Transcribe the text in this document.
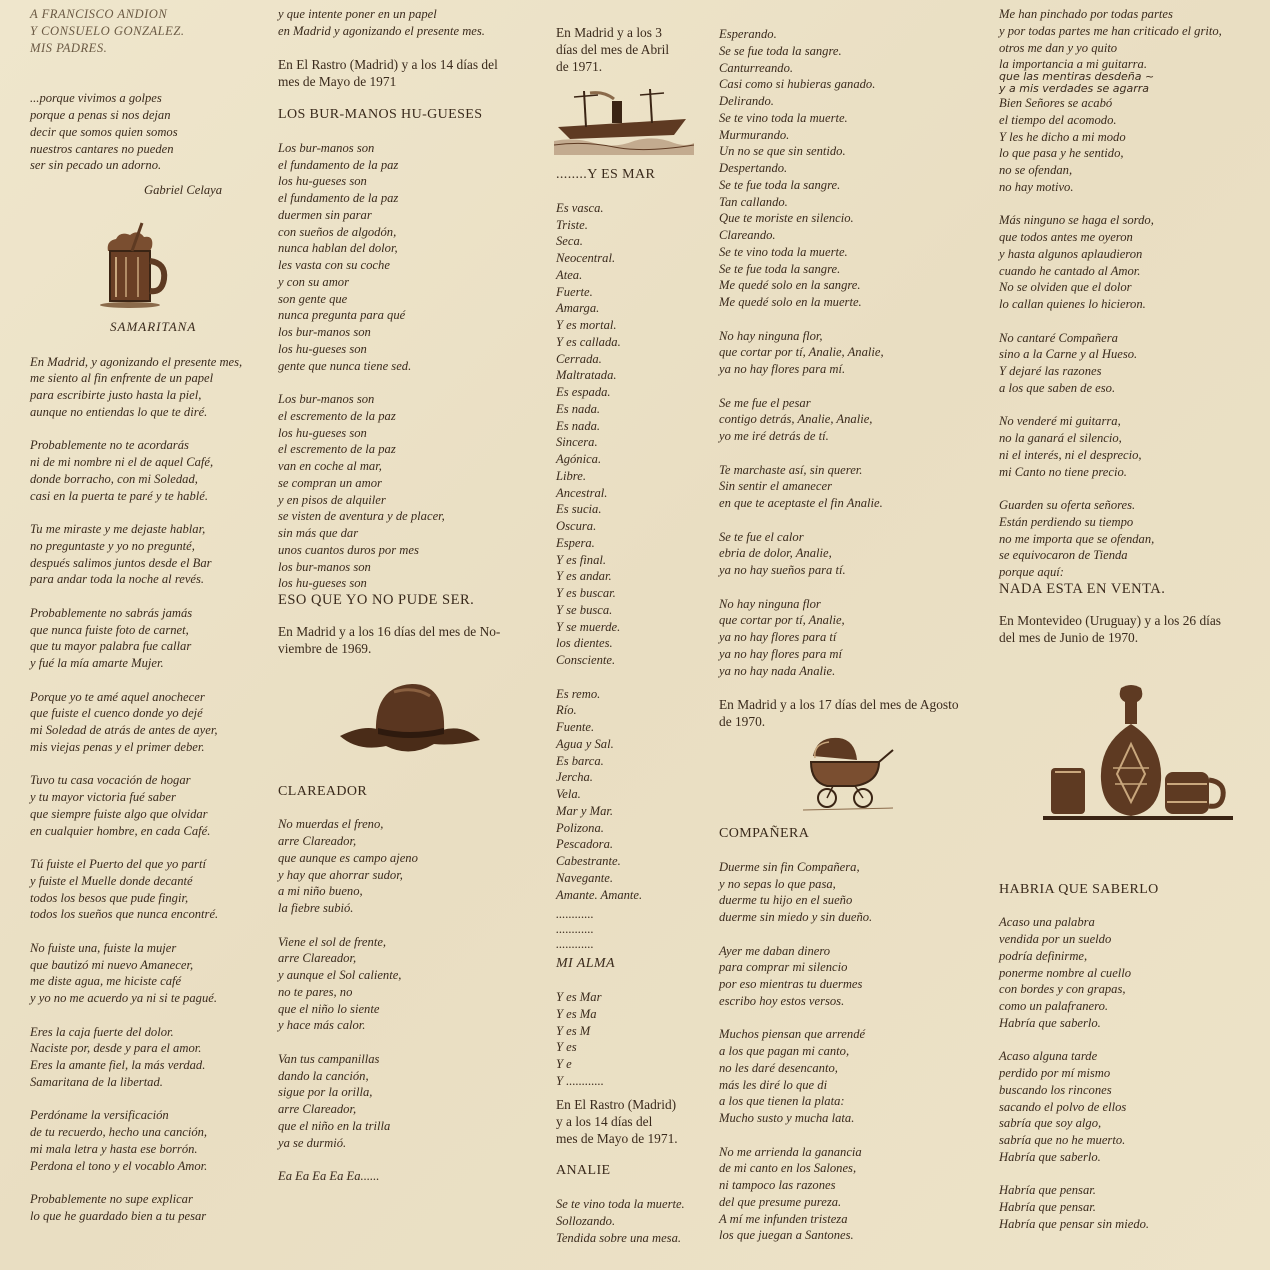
A FRANCISCO ANDION
Y CONSUELO GONZALEZ.
MIS PADRES.
...porque vivimos a golpes
porque a penas si nos dejan
decir que somos quien somos
nuestros cantares no pueden
ser sin pecado un adorno.
Gabriel Celaya
SAMARITANA
En Madrid, y agonizando el presente mes,
me siento al fin enfrente de un papel
para escribirte justo hasta la piel,
aunque no entiendas lo que te diré.
Probablemente no te acordarás
ni de mi nombre ni el de aquel Café,
donde borracho, con mi Soledad,
casi en la puerta te paré y te hablé.
Tu me miraste y me dejaste hablar,
no preguntaste y yo no pregunté,
después salimos juntos desde el Bar
para andar toda la noche al revés.
Probablemente no sabrás jamás
que nunca fuiste foto de carnet,
que tu mayor palabra fue callar
y fué la mía amarte Mujer.
Porque yo te amé aquel anochecer
que fuiste el cuenco donde yo dejé
mi Soledad de atrás de antes de ayer,
mis viejas penas y el primer deber.
Tuvo tu casa vocación de hogar
y tu mayor victoria fué saber
que siempre fuiste algo que olvidar
en cualquier hombre, en cada Café.
Tú fuiste el Puerto del que yo partí
y fuiste el Muelle donde decanté
todos los besos que pude fingir,
todos los sueños que nunca encontré.
No fuiste una, fuiste la mujer
que bautizó mi nuevo Amanecer,
me diste agua, me hiciste café
y yo no me acuerdo ya ni si te pagué.
Eres la caja fuerte del dolor.
Naciste por, desde y para el amor.
Eres la amante fiel, la más verdad.
Samaritana de la libertad.
Perdóname la versificación
de tu recuerdo, hecho una canción,
mi mala letra y hasta ese borrón.
Perdona el tono y el vocablo Amor.
Probablemente no supe explicar
lo que he guardado bien a tu pesar
y que intente poner en un papel
en Madrid y agonizando el presente mes.
En El Rastro (Madrid) y a los 14 días del
mes de Mayo de 1971
LOS BUR-MANOS HU-GUESES
Los bur-manos son
el fundamento de la paz
los hu-gueses son
el fundamento de la paz
duermen sin parar
con sueños de algodón,
nunca hablan del dolor,
les vasta con su coche
y con su amor
son gente que
nunca pregunta para qué
los bur-manos son
los hu-gueses son
gente que nunca tiene sed.
Los bur-manos son
el escremento de la paz
los hu-gueses son
el escremento de la paz
van en coche al mar,
se compran un amor
y en pisos de alquiler
se visten de aventura y de placer,
sin más que dar
unos cuantos duros por mes
los bur-manos son
los hu-gueses son
ESO QUE YO NO PUDE SER.
En Madrid y a los 16 días del mes de No-
viembre de 1969.
CLAREADOR
No muerdas el freno,
arre Clareador,
que aunque es campo ajeno
y hay que ahorrar sudor,
a mi niño bueno,
la fiebre subió.
Viene el sol de frente,
arre Clareador,
y aunque el Sol caliente,
no te pares, no
que el niño lo siente
y hace más calor.
Van tus campanillas
dando la canción,
sigue por la orilla,
arre Clareador,
que el niño en la trilla
ya se durmió.
Ea Ea Ea Ea Ea......
En Madrid y a los 3
días del mes de Abril
de 1971.
........Y ES MAR
Es vasca.
Triste.
Seca.
Neocentral.
Atea.
Fuerte.
Amarga.
Y es mortal.
Y es callada.
Cerrada.
Maltratada.
Es espada.
Es nada.
Es nada.
Sincera.
Agónica.
Libre.
Ancestral.
Es sucia.
Oscura.
Espera.
Y es final.
Y es andar.
Y es buscar.
Y se busca.
Y se muerde.
los dientes.
Consciente.
Es remo.
Río.
Fuente.
Agua y Sal.
Es barca.
Jercha.
Vela.
Mar y Mar.
Polizona.
Pescadora.
Cabestrante.
Navegante.
Amante. Amante.
............
............
............
MI ALMA
Y es Mar
Y es Ma
Y es M
Y es
Y e
Y ............
En El Rastro (Madrid)
y a los 14 días del
mes de Mayo de 1971.
ANALIE
Se te vino toda la muerte.
Sollozando.
Tendida sobre una mesa.
Esperando.
Se se fue toda la sangre.
Canturreando.
Casi como si hubieras ganado.
Delirando.
Se te vino toda la muerte.
Murmurando.
Un no se que sin sentido.
Despertando.
Se te fue toda la sangre.
Tan callando.
Que te moriste en silencio.
Clareando.
Se te vino toda la muerte.
Se te fue toda la sangre.
Me quedé solo en la sangre.
Me quedé solo en la muerte.
No hay ninguna flor,
que cortar por tí, Analie, Analie,
ya no hay flores para mí.
Se me fue el pesar
contigo detrás, Analie, Analie,
yo me iré detrás de tí.
Te marchaste así, sin querer.
Sin sentir el amanecer
en que te aceptaste el fin Analie.
Se te fue el calor
ebria de dolor, Analie,
ya no hay sueños para tí.
No hay ninguna flor
que cortar por tí, Analie,
ya no hay flores para tí
ya no hay flores para mí
ya no hay nada Analie.
En Madrid y a los 17 días del mes de Agosto
de 1970.
COMPAÑERA
Duerme sin fin Compañera,
y no sepas lo que pasa,
duerme tu hijo en el sueño
duerme sin miedo y sin dueño.
Ayer me daban dinero
para comprar mi silencio
por eso mientras tu duermes
escribo hoy estos versos.
Muchos piensan que arrendé
a los que pagan mi canto,
no les daré desencanto,
más les diré lo que di
a los que tienen la plata:
Mucho susto y mucha lata.
No me arrienda la ganancia
de mi canto en los Salones,
ni tampoco las razones
del que presume pureza.
A mí me infunden tristeza
los que juegan a Santones.
Me han pinchado por todas partes
y por todas partes me han criticado el grito,
otros me dan y yo quito
la importancia a mi guitarra.
que las mentiras desdeña ~
y a mis verdades se agarra
Bien Señores se acabó
el tiempo del acomodo.
Y les he dicho a mi modo
lo que pasa y he sentido,
no se ofendan,
no hay motivo.
Más ninguno se haga el sordo,
que todos antes me oyeron
y hasta algunos aplaudieron
cuando he cantado al Amor.
No se olviden que el dolor
lo callan quienes lo hicieron.
No cantaré Compañera
sino a la Carne y al Hueso.
Y dejaré las razones
a los que saben de eso.
No venderé mi guitarra,
no la ganará el silencio,
ni el interés, ni el desprecio,
mi Canto no tiene precio.
Guarden su oferta señores.
Están perdiendo su tiempo
no me importa que se ofendan,
se equivocaron de Tienda
porque aquí:
NADA ESTA EN VENTA.
En Montevideo (Uruguay) y a los 26 días
del mes de Junio de 1970.
HABRIA QUE SABERLO
Acaso una palabra
vendida por un sueldo
podría definirme,
ponerme nombre al cuello
con bordes y con grapas,
como un palafranero.
Habría que saberlo.
Acaso alguna tarde
perdido por mí mismo
buscando los rincones
sacando el polvo de ellos
sabría que soy algo,
sabría que no he muerto.
Habría que saberlo.
Habría que pensar.
Habría que pensar.
Habría que pensar sin miedo.
